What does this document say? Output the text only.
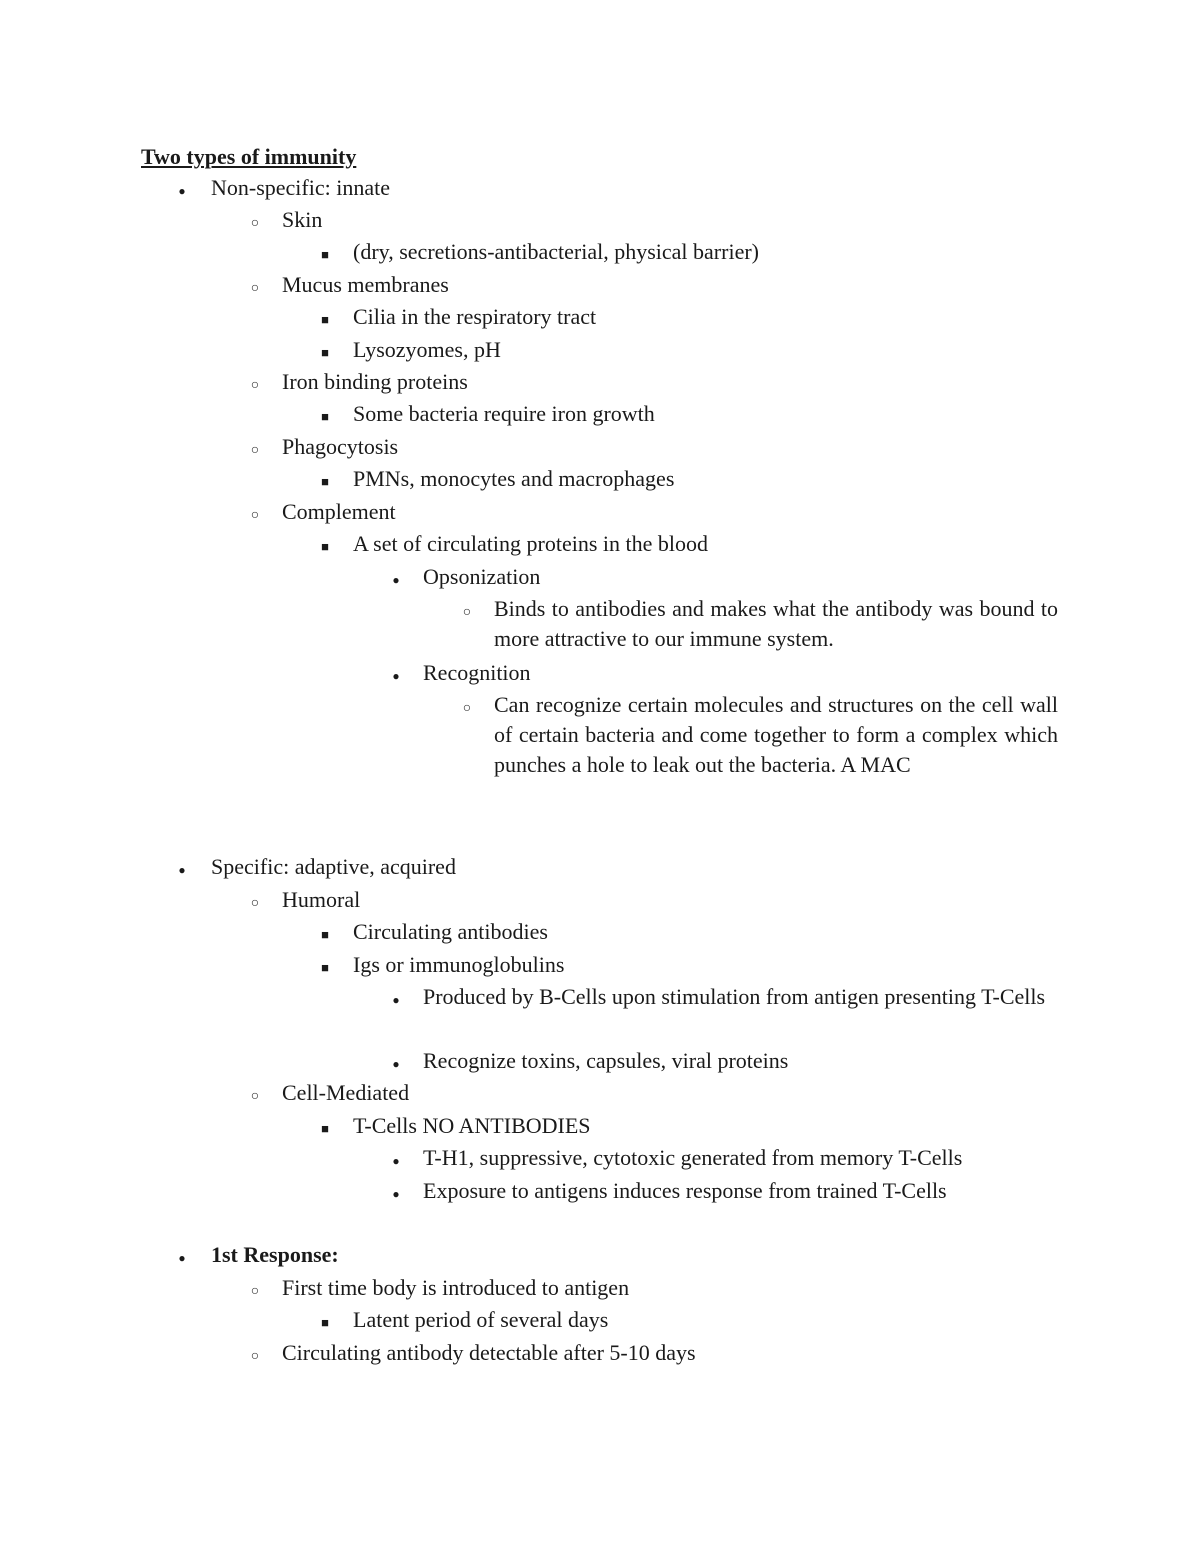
Two types of immunity
●
Non-specific: innate
○
Skin
■
(dry, secretions-antibacterial, physical barrier)
○
Mucus membranes
■
Cilia in the respiratory tract
■
Lysozyomes, pH
○
Iron binding proteins
■
Some bacteria require iron growth
○
Phagocytosis
■
PMNs, monocytes and macrophages
○
Complement
■
A set of circulating proteins in the blood
●
Opsonization
○
Binds to antibodies and makes what the antibody was bound to more attractive to our immune system.
●
Recognition
○
Can recognize certain molecules and structures on the cell wall of certain bacteria and come together to form a complex which punches a hole to leak out the bacteria. A MAC
●
Specific: adaptive, acquired
○
Humoral
■
Circulating antibodies
■
Igs or immunoglobulins
●
Produced by B-Cells upon stimulation from antigen presenting T-Cells
●
Recognize toxins, capsules, viral proteins
○
Cell-Mediated
■
T-Cells NO ANTIBODIES
●
T-H1, suppressive, cytotoxic generated from memory T-Cells
●
Exposure to antigens induces response from trained T-Cells
●
1st Response:
○
First time body is introduced to antigen
■
Latent period of several days
○
Circulating antibody detectable after 5-10 days
